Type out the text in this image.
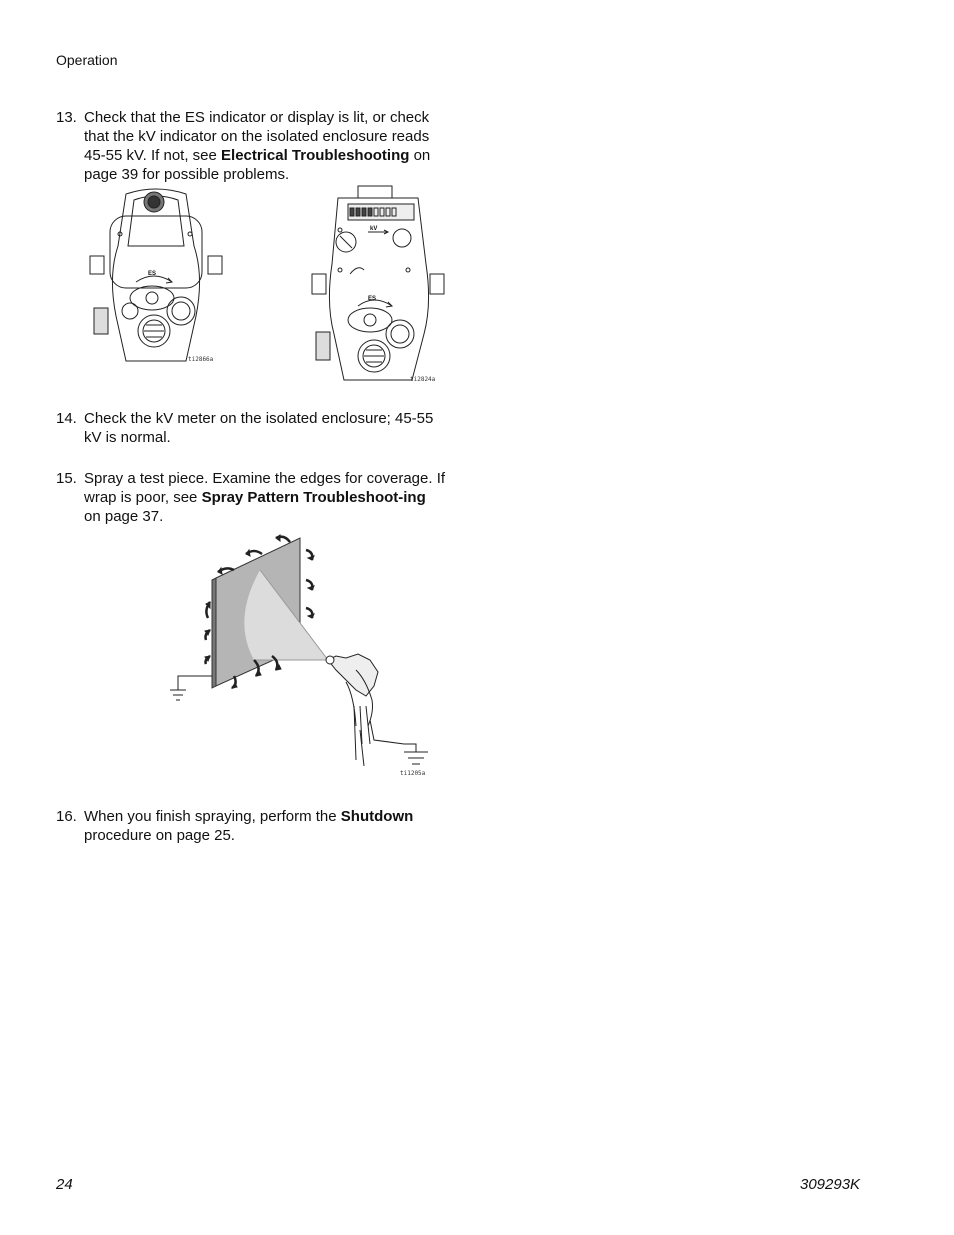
Operation
13. Check that the ES indicator or display is lit, or check that the kV indicator on the isolated enclosure reads 45-55 kV. If not, see Electrical Troubleshooting on page 39 for possible problems.
ES
ti2866a
kV
ES
ti2824a
14. Check the kV meter on the isolated enclosure; 45-55 kV is normal.
15. Spray a test piece. Examine the edges for coverage. If wrap is poor, see Spray Pattern Troubleshoot-ing on page 37.
ti1205a
16. When you finish spraying, perform the Shutdown procedure on page 25.
24	309293K
